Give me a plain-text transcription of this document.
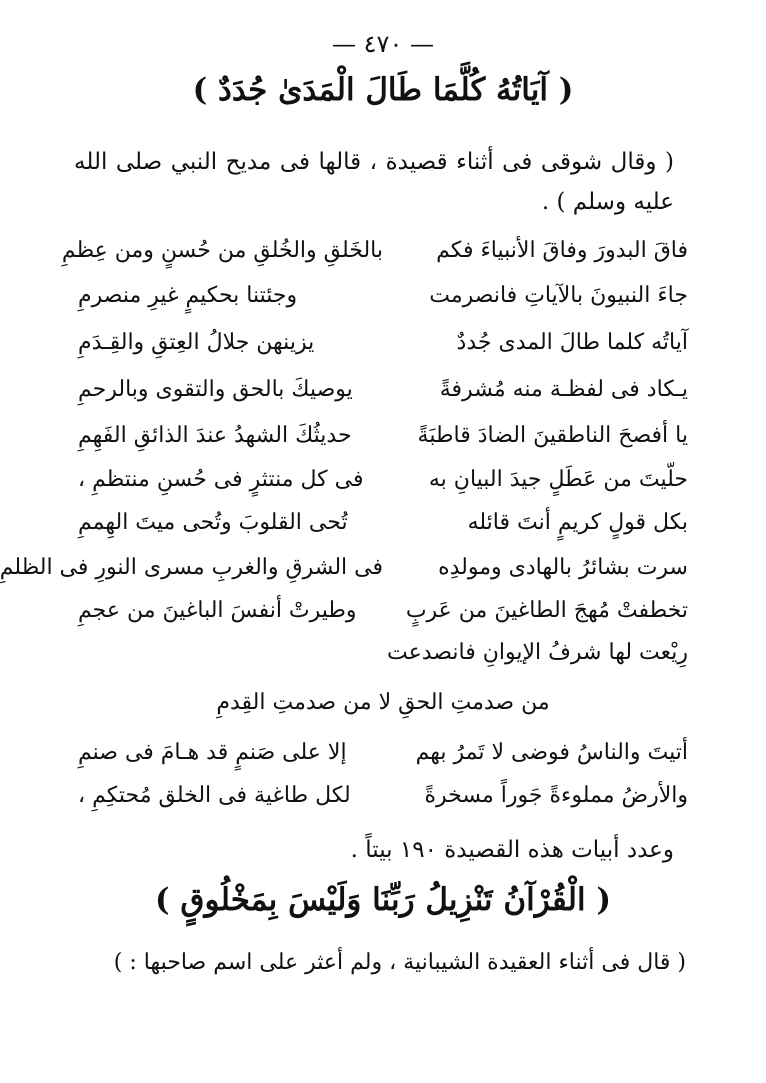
— ٤٧٠ —
( آيَاتُهُ كُلَّمَا طَالَ الْمَدَىٰ جُدَدٌ )
( وقال شوقى فى أثناء قصيدة ، قالها فى مديح النبي صلى الله عليه وسلم ) .
فاقَ البدورَ وفاقَ الأنبياءَ فكم
بالخَلقِ والخُلقِ من حُسنٍ ومن عِظمِ
جاءَ النبيونَ بالآياتِ فانصرمت
وجئتنا بحكيمٍ غيرِ منصرمِ
آياتُه كلما طالَ المدى جُددٌ
يزينهن جلالُ العِتقِ والقِـدَمِ
يـكاد فى لفظـة منه مُشرفةً
يوصيكَ بالحق والتقوى وبالرحمِ
يا أفصحَ الناطقينَ الضادَ قاطبَةً
حديثُكَ الشهدُ عندَ الذائقِ الفَهِمِ
حلّيتَ من عَطَلٍ جيدَ البيانِ به
فى كل منتثرٍ فى حُسنِ منتظمِ ،
بكل قولٍ كريمٍ أنتَ قائله
تُحى القلوبَ وتُحى ميتَ الهِممِ
سرت بشائرُ بالهادى ومولدِه
فى الشرقِ والغربِ مسرى النورِ فى الظلمِ
تخطفتْ مُهجَ الطاغينَ من عَربٍ
وطيرتْ أنفسَ الباغينَ من عجمِ
رِيْعت لها شرفُ الإيوانِ فانصدعت
من صدمتِ الحقِ لا من صدمتِ القِدمِ
أتيتَ والناسُ فوضى لا تَمرُ بهم
إلا على صَنمٍ قد هـامَ فى صنمِ
والأرضُ مملوءةً جَوراً مسخرةً
لكل طاغية فى الخلق مُحتكِمِ ،
وعدد أبيات هذه القصيدة ١٩٠ بيتاً .
( الْقُرْآنُ تَنْزِيلُ رَبِّنَا وَلَيْسَ بِمَخْلُوقٍ )
( قال فى أثناء العقيدة الشيبانية ، ولم أعثر على اسم صاحبها : )
